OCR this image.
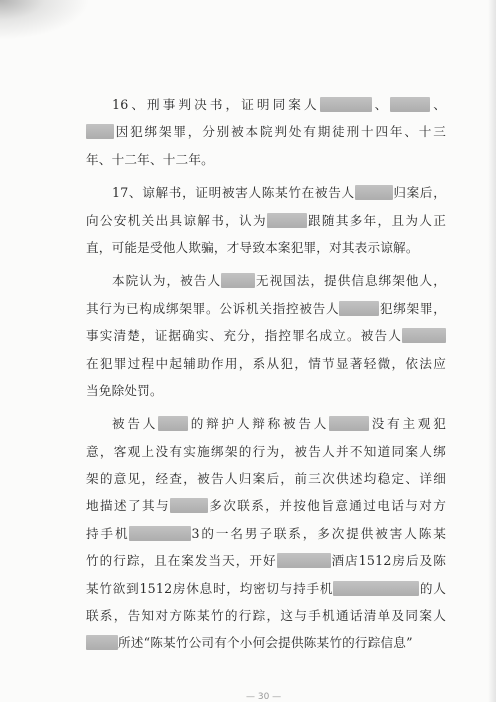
16、刑事判决书，证明同案人	、	、
因犯绑架罪，分别被本院判处有期徒刑十四年、十三
年、十二年、十二年。
17、谅解书，证明被害人陈某竹在被告人	归案后，
向公安机关出具谅解书，认为	跟随其多年，且为人正
直，可能是受他人欺骗，才导致本案犯罪，对其表示谅解。
本院认为，被告人	无视国法，提供信息绑架他人，
其行为已构成绑架罪。公诉机关指控被告人	犯绑架罪，
事实清楚，证据确实、充分，指控罪名成立。被告人
在犯罪过程中起辅助作用，系从犯，情节显著轻微，依法应
当免除处罚。
被告人 的辩护人辩称被告人	没有主观犯
意，客观上没有实施绑架的行为，被告人并不知道同案人绑
架的意见，经查，被告人归案后，前三次供述均稳定、详细
地描述了其与	多次联系，并按他旨意通过电话与对方
持手机	3的一名男子联系，多次提供被害人陈某
竹的行踪，且在案发当天，开好	酒店1512房后及陈
某竹欲到1512房休息时，均密切与持手机	的人
联系，告知对方陈某竹的行踪，这与手机通话清单及同案人
所述“陈某竹公司有个小何会提供陈某竹的行踪信息”
— 30 —
